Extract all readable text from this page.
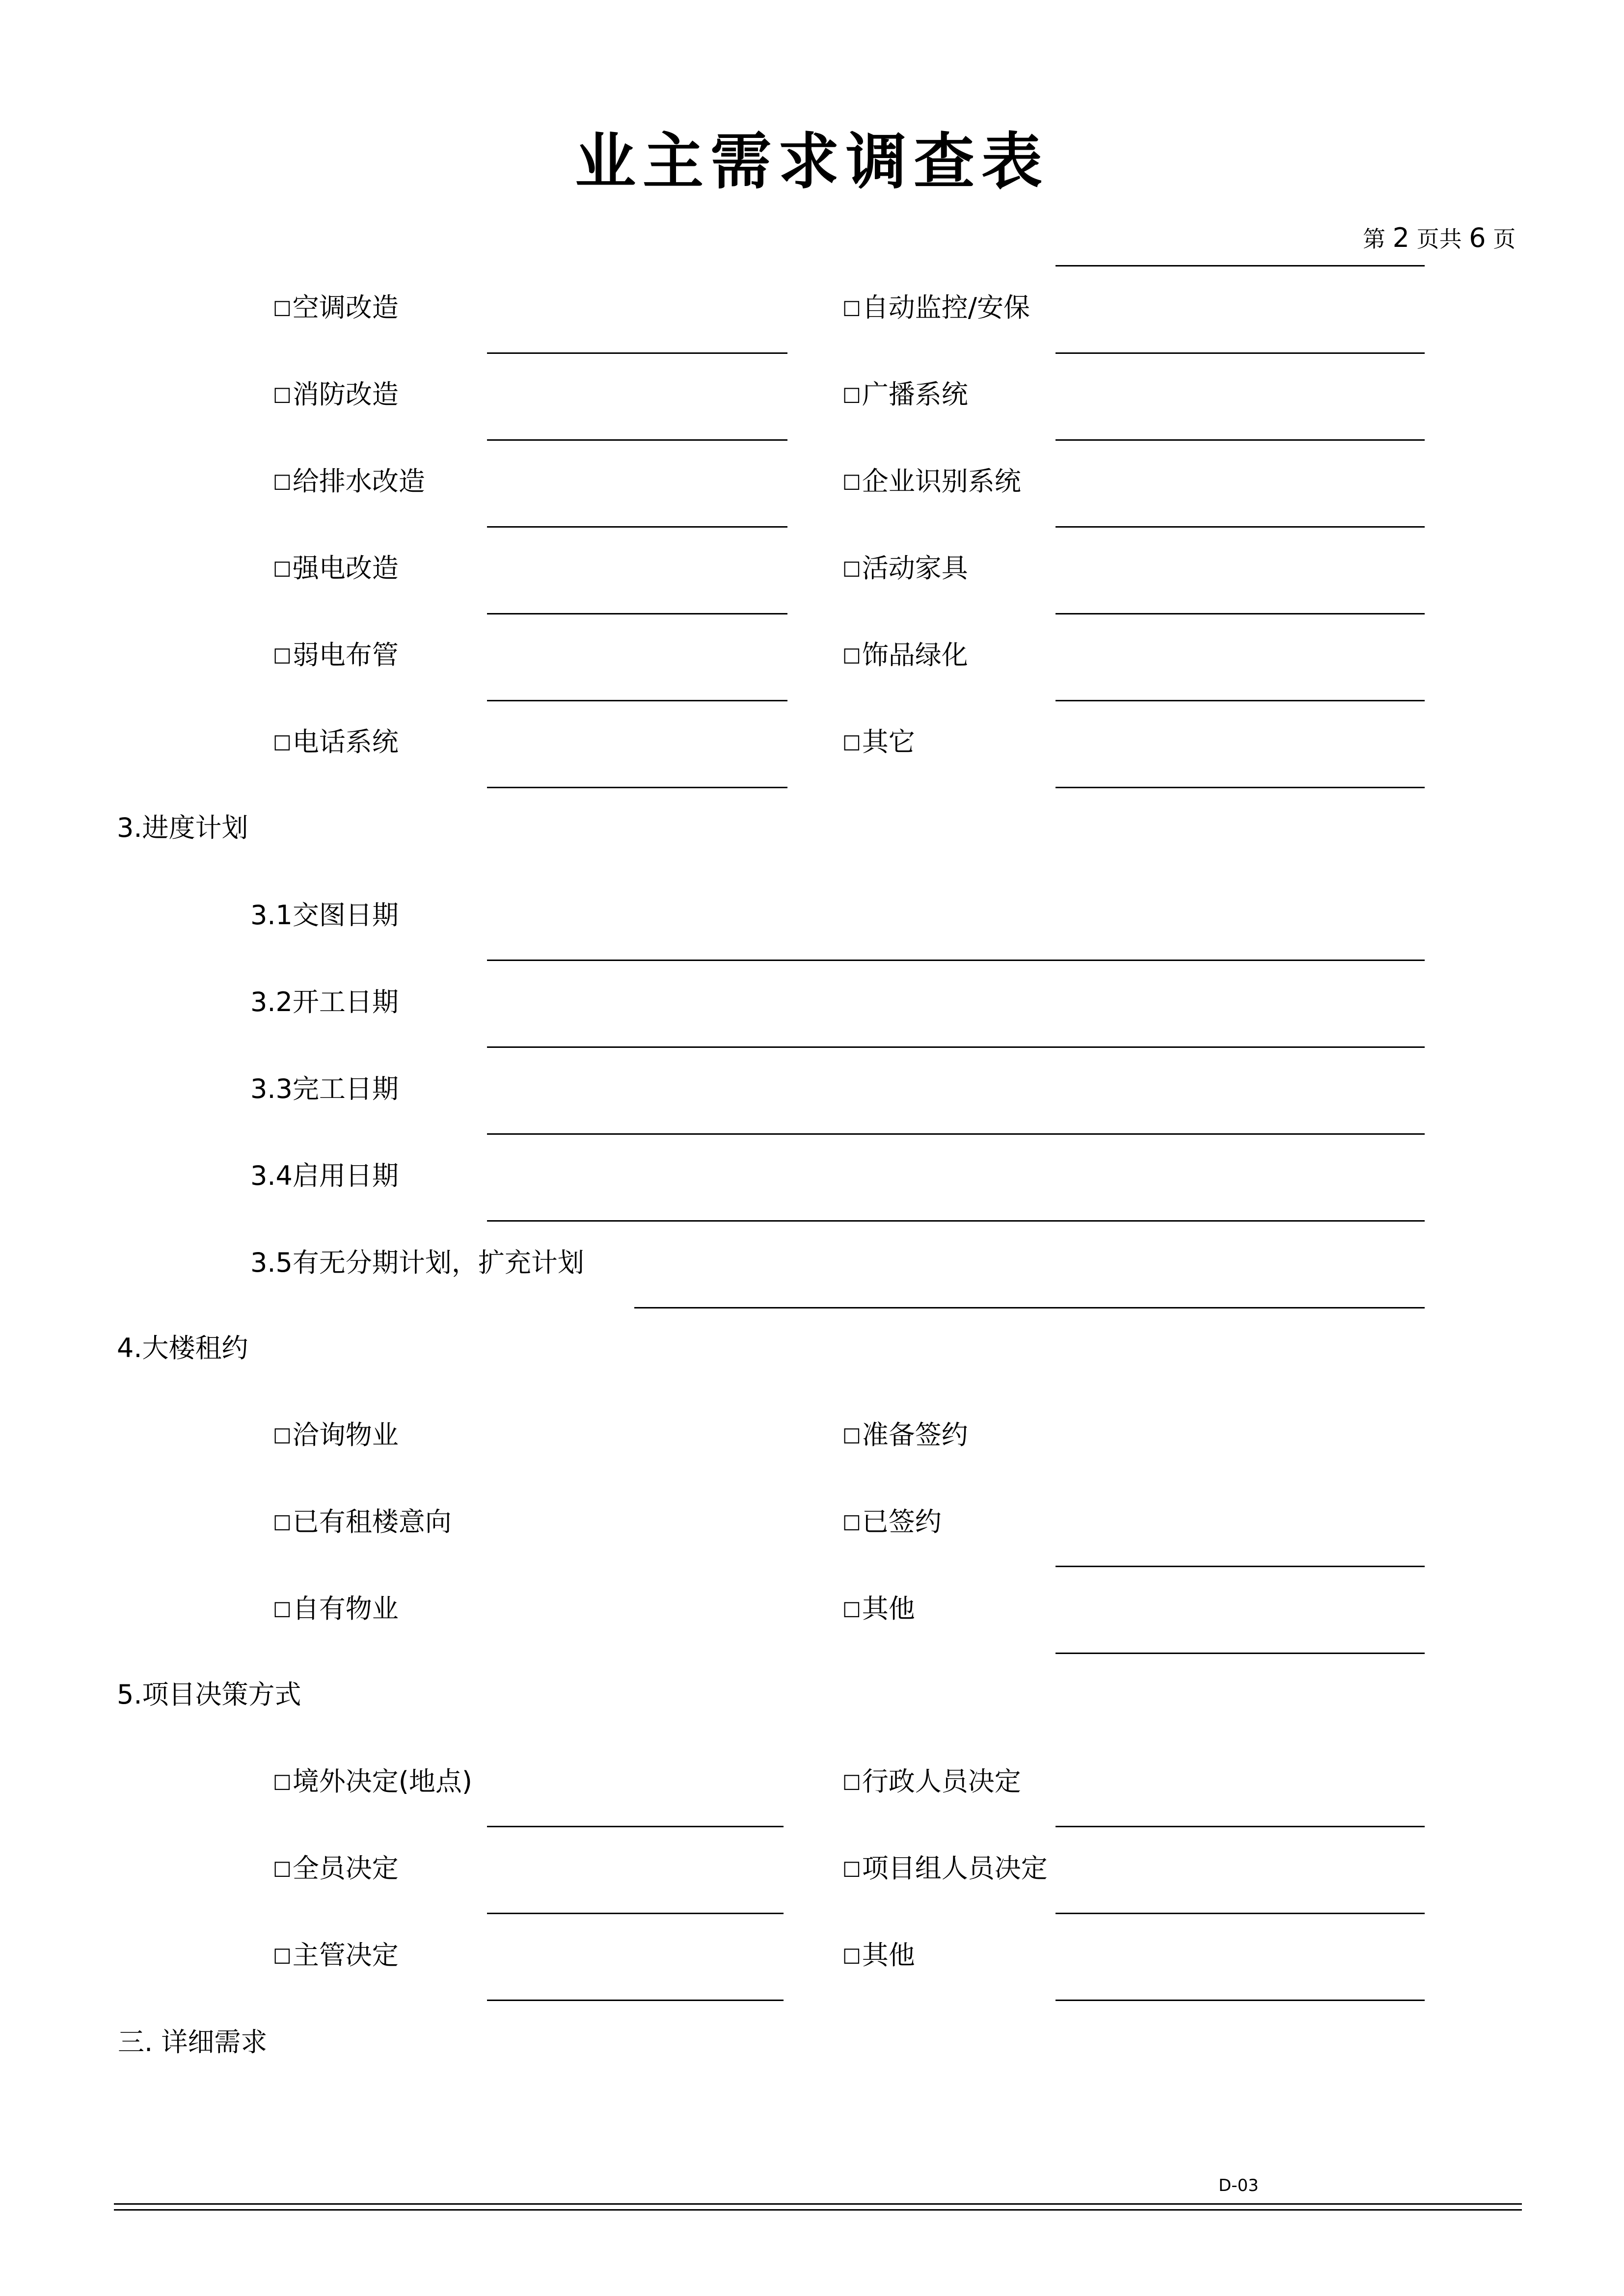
业主需求调查表
第 2 页共 6 页
□空调改造	□自动监控/安保
□消防改造	□广播系统
□给排水改造	□企业识别系统
□强电改造	□活动家具
□弱电布管	□饰品绿化
□电话系统	□其它
3.进度计划
3.1交图日期
3.2开工日期
3.3完工日期
3.4启用日期
3.5有无分期计划，扩充计划
4.大楼租约
□洽询物业	□准备签约
□已有租楼意向	□已签约
□自有物业	□其他
5.项目决策方式
□境外决定(地点)	□行政人员决定
□全员决定	□项目组人员决定
□主管决定	□其他
三. 详细需求
D-03
